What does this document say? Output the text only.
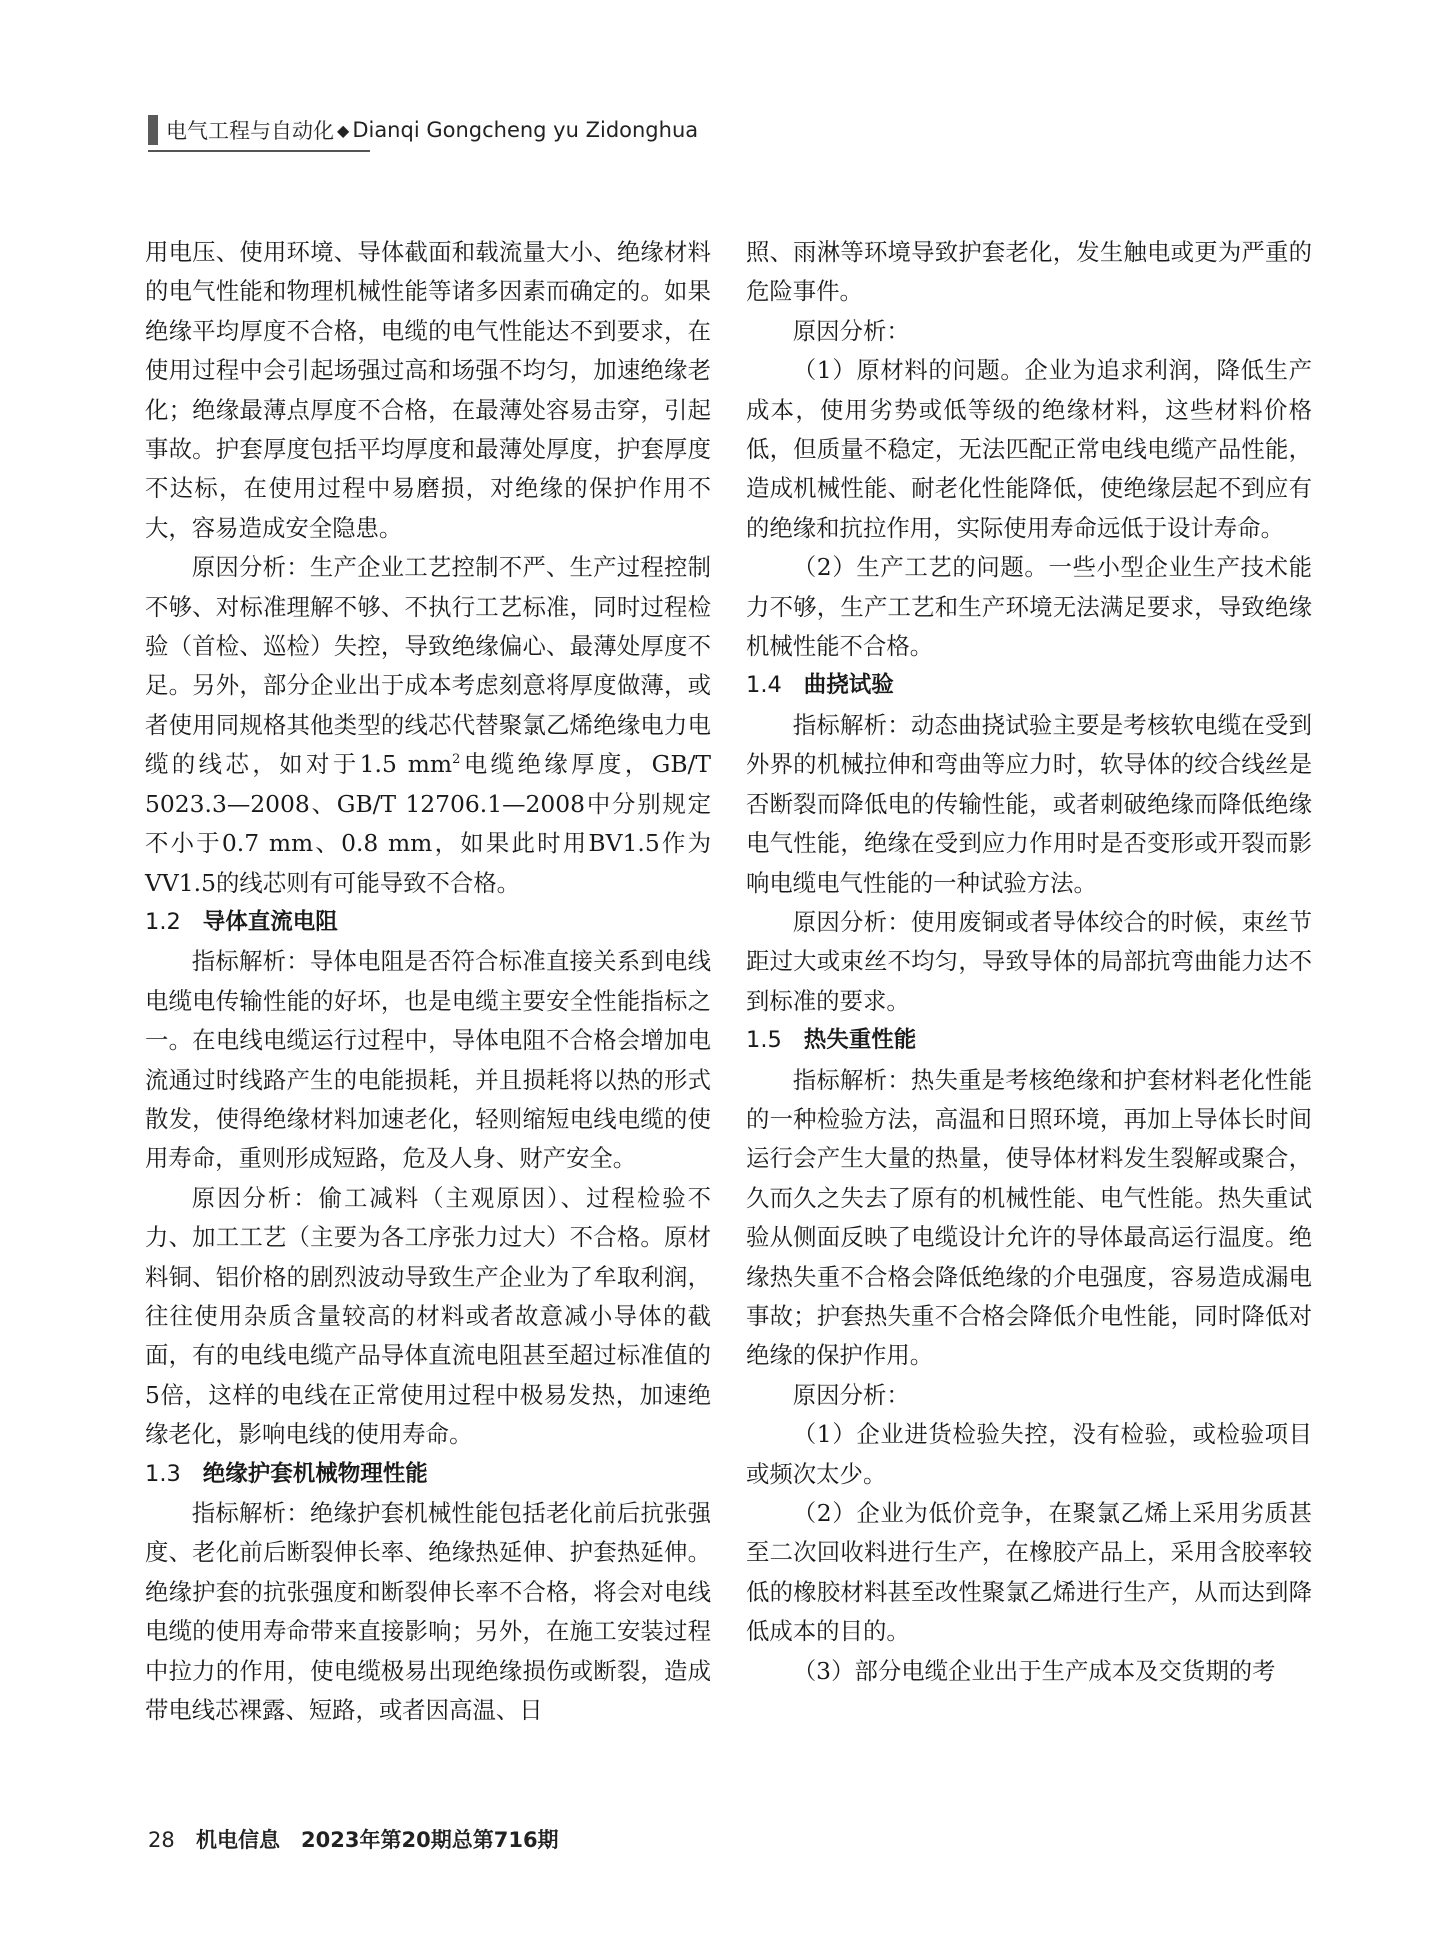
电气工程与自动化 ◆ Dianqi Gongcheng yu Zidonghua

用电压、使用环境、导体截面和载流量大小、绝缘材料的电气性能和物理机械性能等诸多因素而确定的。如果绝缘平均厚度不合格，电缆的电气性能达不到要求，在使用过程中会引起场强过高和场强不均匀，加速绝缘老化；绝缘最薄点厚度不合格，在最薄处容易击穿，引起事故。护套厚度包括平均厚度和最薄处厚度，护套厚度不达标，在使用过程中易磨损，对绝缘的保护作用不大，容易造成安全隐患。

原因分析：生产企业工艺控制不严、生产过程控制不够、对标准理解不够、不执行工艺标准，同时过程检验（首检、巡检）失控，导致绝缘偏心、最薄处厚度不足。另外，部分企业出于成本考虑刻意将厚度做薄，或者使用同规格其他类型的线芯代替聚氯乙烯绝缘电力电缆的线芯，如对于1.5 $mm^2$电缆绝缘厚度，GB/T 5023.3—2008、GB/T 12706.1—2008中分别规定不小于0.7 mm、0.8 mm，如果此时用BV1.5作为VV1.5的线芯则有可能导致不合格。

1.2 导体直流电阻

指标解析：导体电阻是否符合标准直接关系到电线电缆电传输性能的好坏，也是电缆主要安全性能指标之一。在电线电缆运行过程中，导体电阻不合格会增加电流通过时线路产生的电能损耗，并且损耗将以热的形式散发，使得绝缘材料加速老化，轻则缩短电线电缆的使用寿命，重则形成短路，危及人身、财产安全。

原因分析：偷工减料（主观原因）、过程检验不力、加工工艺（主要为各工序张力过大）不合格。原材料铜、铝价格的剧烈波动导致生产企业为了牟取利润，往往使用杂质含量较高的材料或者故意减小导体的截面，有的电线电缆产品导体直流电阻甚至超过标准值的5倍，这样的电线在正常使用过程中极易发热，加速绝缘老化，影响电线的使用寿命。

1.3 绝缘护套机械物理性能

指标解析：绝缘护套机械性能包括老化前后抗张强度、老化前后断裂伸长率、绝缘热延伸、护套热延伸。绝缘护套的抗张强度和断裂伸长率不合格，将会对电线电缆的使用寿命带来直接影响；另外，在施工安装过程中拉力的作用，使电缆极易出现绝缘损伤或断裂，造成带电线芯裸露、短路，或者因高温、日

照、雨淋等环境导致护套老化，发生触电或更为严重的危险事件。

原因分析：

（1）原材料的问题。企业为追求利润，降低生产成本，使用劣势或低等级的绝缘材料，这些材料价格低，但质量不稳定，无法匹配正常电线电缆产品性能，造成机械性能、耐老化性能降低，使绝缘层起不到应有的绝缘和抗拉作用，实际使用寿命远低于设计寿命。

（2）生产工艺的问题。一些小型企业生产技术能力不够，生产工艺和生产环境无法满足要求，导致绝缘机械性能不合格。

1.4 曲挠试验

指标解析：动态曲挠试验主要是考核软电缆在受到外界的机械拉伸和弯曲等应力时，软导体的绞合线丝是否断裂而降低电的传输性能，或者刺破绝缘而降低绝缘电气性能，绝缘在受到应力作用时是否变形或开裂而影响电缆电气性能的一种试验方法。

原因分析：使用废铜或者导体绞合的时候，束丝节距过大或束丝不均匀，导致导体的局部抗弯曲能力达不到标准的要求。

1.5 热失重性能

指标解析：热失重是考核绝缘和护套材料老化性能的一种检验方法，高温和日照环境，再加上导体长时间运行会产生大量的热量，使导体材料发生裂解或聚合，久而久之失去了原有的机械性能、电气性能。热失重试验从侧面反映了电缆设计允许的导体最高运行温度。绝缘热失重不合格会降低绝缘的介电强度，容易造成漏电事故；护套热失重不合格会降低介电性能，同时降低对绝缘的保护作用。

原因分析：

（1）企业进货检验失控，没有检验，或检验项目或频次太少。

（2）企业为低价竞争，在聚氯乙烯上采用劣质甚至二次回收料进行生产，在橡胶产品上，采用含胶率较低的橡胶材料甚至改性聚氯乙烯进行生产，从而达到降低成本的目的。

（3）部分电缆企业出于生产成本及交货期的考

28 机电信息　2023年第20期总第716期
